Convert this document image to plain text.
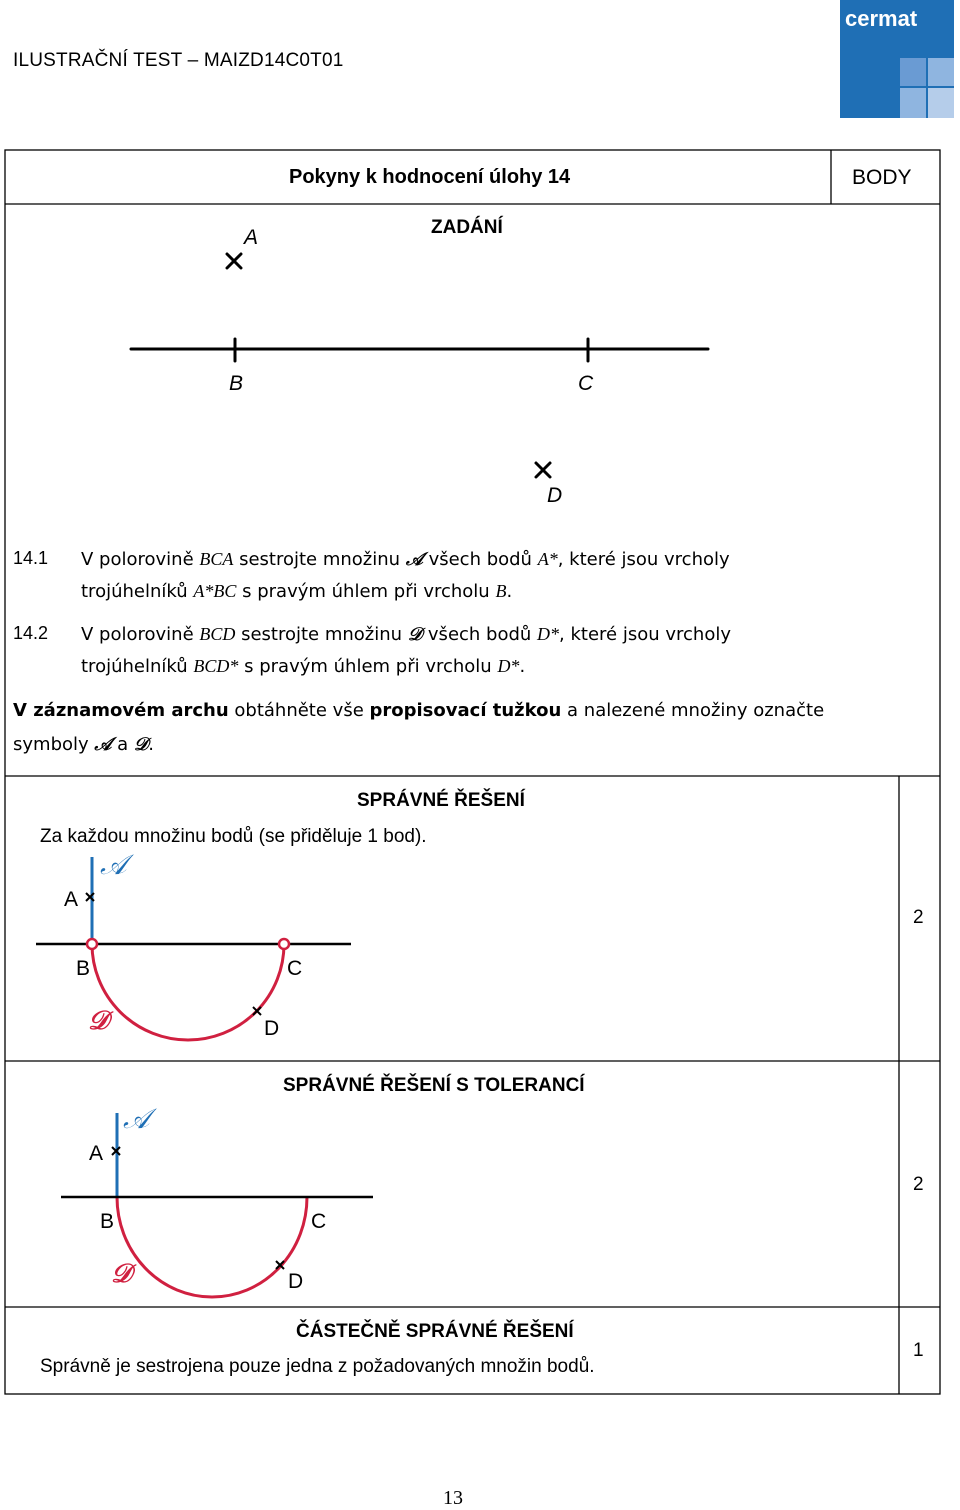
ILUSTRAČNÍ TEST – MAIZD14C0T01
cermat
Pokyny k hodnocení úlohy 14	BODY
ZADÁNÍ
A
B	C
D
14.1 V polorovině BCA sestrojte množinu 𝒜 všech bodů A*, které jsou vrcholy
trojúhelníků A*BC s pravým úhlem při vrcholu B.
14.2 V polorovině BCD sestrojte množinu 𝒟 všech bodů D*, které jsou vrcholy
trojúhelníků BCD* s pravým úhlem při vrcholu D*.
V záznamovém archu obtáhněte vše propisovací tužkou a nalezené množiny označte
symboly 𝒜 a 𝒟.
SPRÁVNÉ ŘEŠENÍ
Za každou množinu bodů (se přiděluje 1 bod).
2
𝒜
A
B	C
𝒟	D
SPRÁVNÉ ŘEŠENÍ S TOLERANCÍ
2
𝒜
A
B	C
𝒟	D
ČÁSTEČNĚ SPRÁVNÉ ŘEŠENÍ
Správně je sestrojena pouze jedna z požadovaných množin bodů.
1
13
